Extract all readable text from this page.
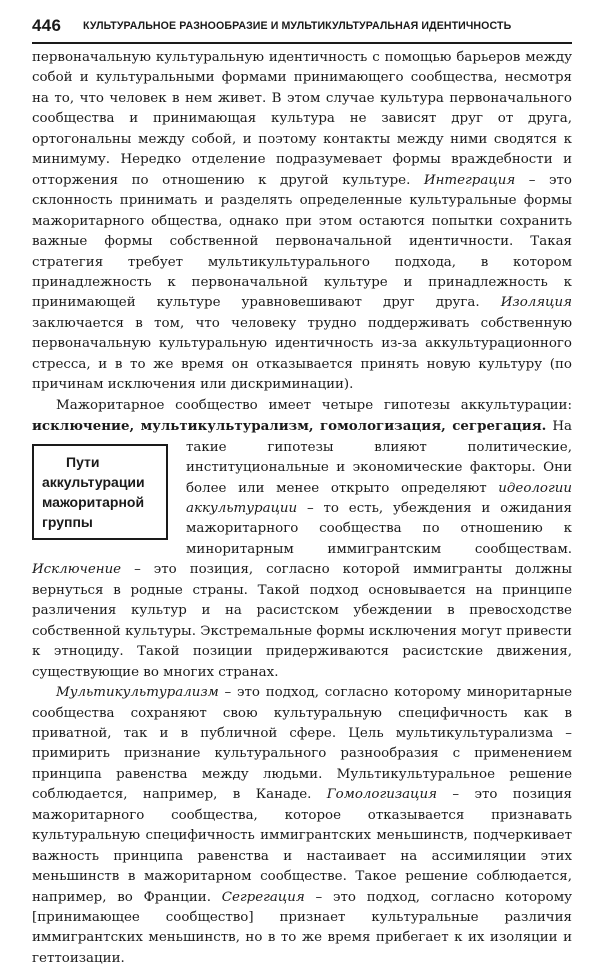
446 КУЛЬТУРАЛЬНОЕ РАЗНООБРАЗИЕ И МУЛЬТИКУЛЬТУРАЛЬНАЯ ИДЕНТИЧНОСТЬ

первоначальную культуральную идентичность с помощью барьеров между собой и культуральными формами принимающего сообщества, несмотря на то, что человек в нем живет. В этом случае культура первоначального сообщества и принимающая культура не зависят друг от друга, ортогональны между собой, и поэтому контакты между ними сводятся к минимуму. Нередко отделение подразумевает формы враждебности и отторжения по отношению к другой культуре. Интеграция – это склонность принимать и разделять определенные культуральные формы мажоритарного общества, однако при этом остаются попытки сохранить важные формы собственной первоначальной идентичности. Такая стратегия требует мультикультурального подхода, в котором принадлежность к первоначальной культуре и принадлежность к принимающей культуре уравновешивают друг друга. Изоляция заключается в том, что человеку трудно поддерживать собственную первоначальную культуральную идентичность из-за аккультурационного стресса, и в то же время он отказывается принять новую культуру (по причинам исключения или дискриминации).

Мажоритарное сообщество имеет четыре гипотезы аккультурации: исключение, мультикультурализм, гомологизация, сегрегация.
Пути аккультурации мажоритарной группы
На такие гипотезы влияют политические, институциональные и экономические факторы. Они более или менее открыто определяют идеологии аккультурации – то есть, убеждения и ожидания мажоритарного сообщества по отношению к миноритарным иммигрантским сообществам. Исключение – это позиция, согласно которой иммигранты должны вернуться в родные страны. Такой подход основывается на принципе различения культур и на расистском убеждении в превосходстве собственной культуры. Экстремальные формы исключения могут привести к этноциду. Такой позиции придерживаются расистские движения, существующие во многих странах.

Мультикультурализм – это подход, согласно которому миноритарные сообщества сохраняют свою культуральную специфичность как в приватной, так и в публичной сфере. Цель мультикультурализма – примирить признание культурального разнообразия с применением принципа равенства между людьми. Мультикультуральное решение соблюдается, например, в Канаде. Гомологизация – это позиция мажоритарного сообщества, которое отказывается признавать культуральную специфичность иммигрантских меньшинств, подчеркивает важность принципа равенства и настаивает на ассимиляции этих меньшинств в мажоритарном сообществе. Такое решение соблюдается, например, во Франции. Сегрегация – это подход, согласно которому [принимающее сообщество] признает культуральные различия иммигрантских меньшинств, но в то же время прибегает к их изоляции и геттоизации.
